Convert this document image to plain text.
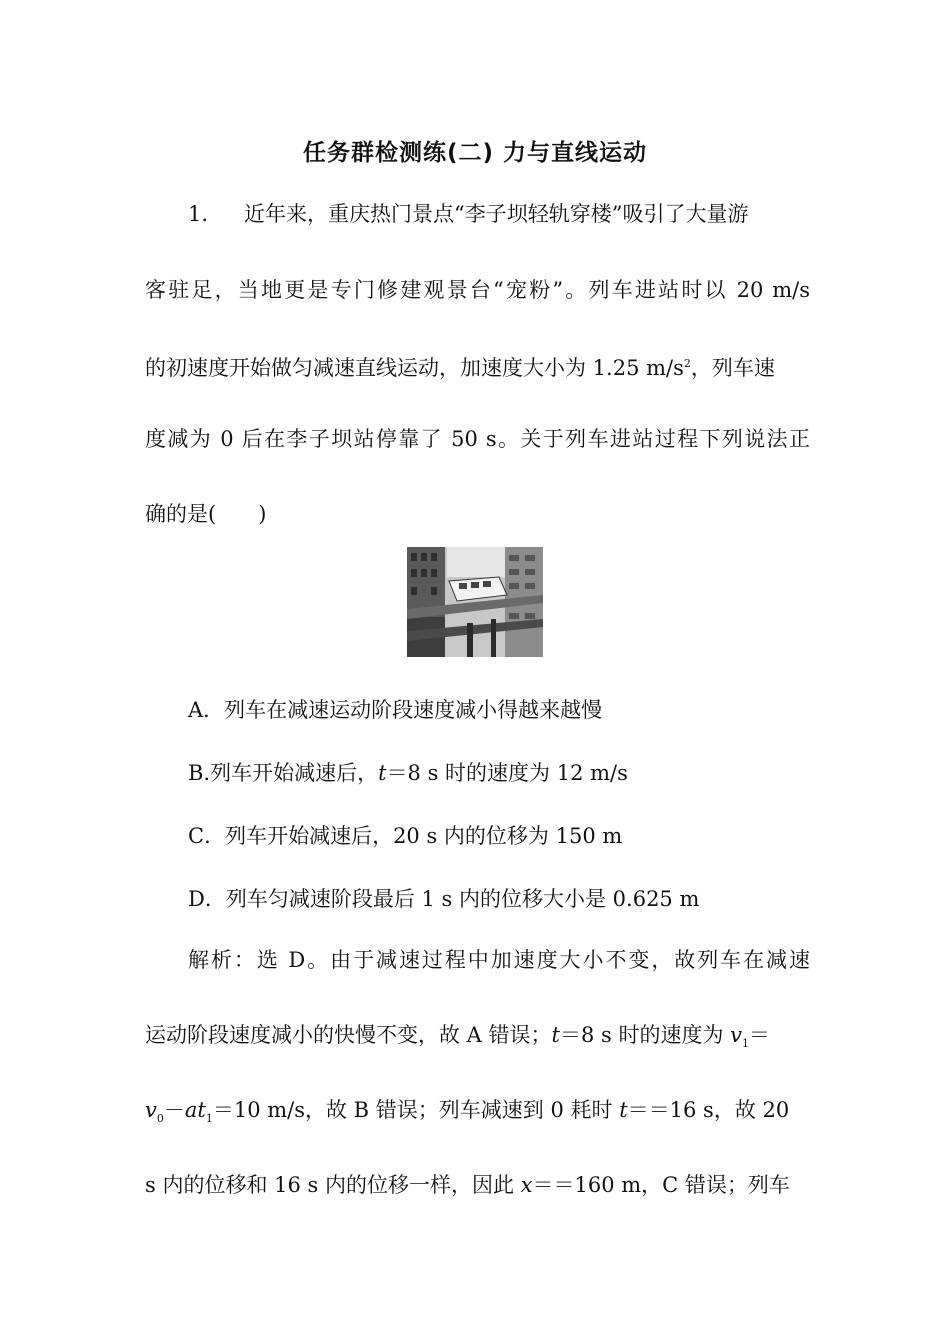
任务群检测练(二) 力与直线运动
1. 近年来，重庆热门景点“李子坝轻轨穿楼”吸引了大量游
客驻足，当地更是专门修建观景台“宠粉”。列车进站时以 20 m/s
的初速度开始做匀减速直线运动，加速度大小为 1.25 $m/s^2$，列车速
度减为 0 后在李子坝站停靠了 50 s。关于列车进站过程下列说法正
确的是(　　)
A．列车在减速运动阶段速度减小得越来越慢
B.列车开始减速后，t＝8 s 时的速度为 12 m/s
C．列车开始减速后，20 s 内的位移为 150 m
D．列车匀减速阶段最后 1 s 内的位移大小是 0.625 m
解析：选 D。由于减速过程中加速度大小不变，故列车在减速
运动阶段速度减小的快慢不变，故 A 错误；t＝8 s 时的速度为 $v_1=$
$v_0-at_1=10$ m/s，故 B 错误；列车减速到 0 耗时 t＝＝16 s，故 20
s 内的位移和 16 s 内的位移一样，因此 x＝＝160 m，C 错误；列车
